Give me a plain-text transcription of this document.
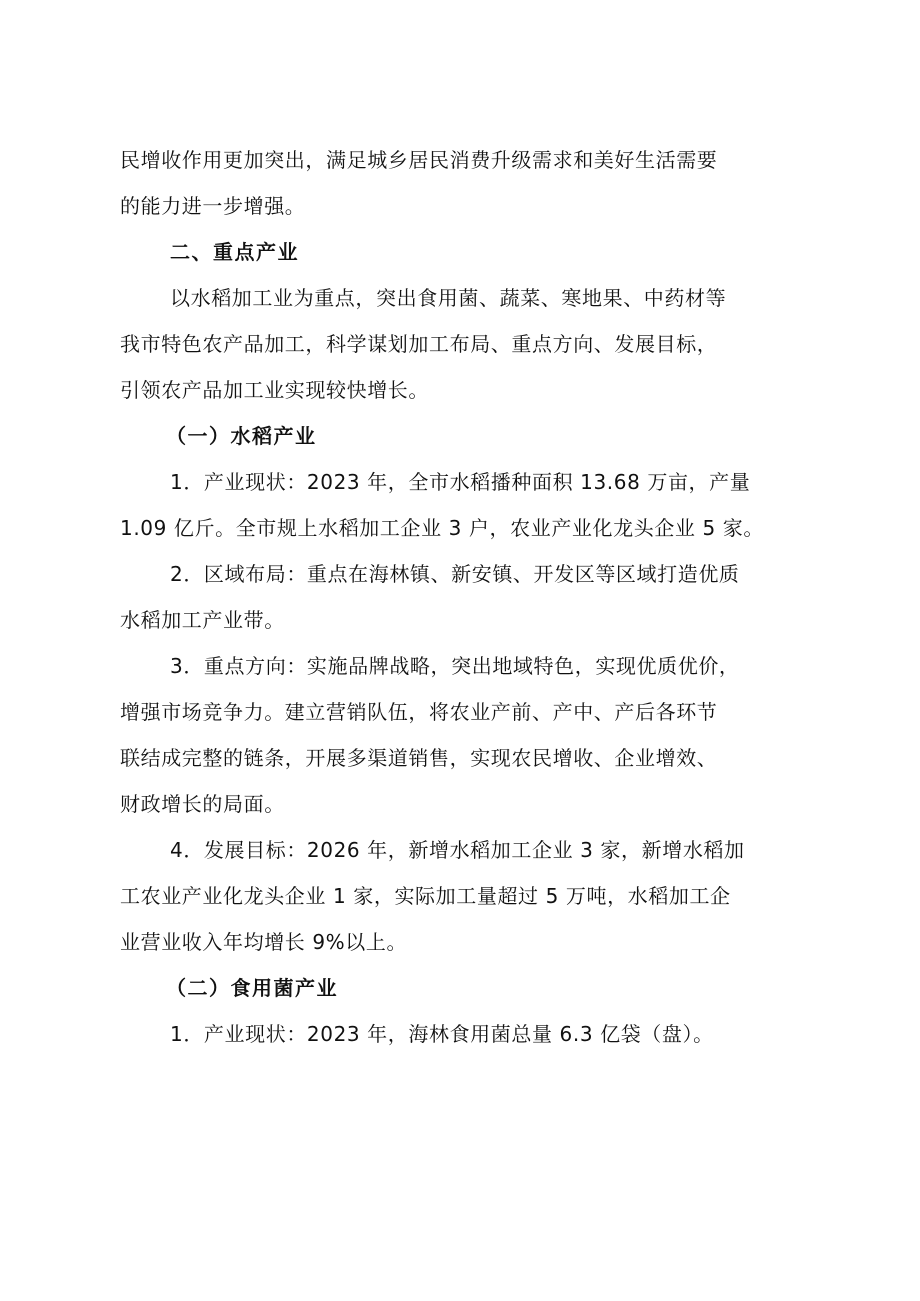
民增收作用更加突出，满足城乡居民消费升级需求和美好生活需要
的能力进一步增强。
二、重点产业
以水稻加工业为重点，突出食用菌、蔬菜、寒地果、中药材等
我市特色农产品加工，科学谋划加工布局、重点方向、发展目标，
引领农产品加工业实现较快增长。
（一）水稻产业
1．产业现状：2023 年，全市水稻播种面积 13.68 万亩，产量
1.09 亿斤。全市规上水稻加工企业 3 户，农业产业化龙头企业 5 家。
2．区域布局：重点在海林镇、新安镇、开发区等区域打造优质
水稻加工产业带。
3．重点方向：实施品牌战略，突出地域特色，实现优质优价，
增强市场竞争力。建立营销队伍，将农业产前、产中、产后各环节
联结成完整的链条，开展多渠道销售，实现农民增收、企业增效、
财政增长的局面。
4．发展目标：2026 年，新增水稻加工企业 3 家，新增水稻加
工农业产业化龙头企业 1 家，实际加工量超过 5 万吨，水稻加工企
业营业收入年均增长 9%以上。
（二）食用菌产业
1．产业现状：2023 年，海林食用菌总量 6.3 亿袋（盘）。
